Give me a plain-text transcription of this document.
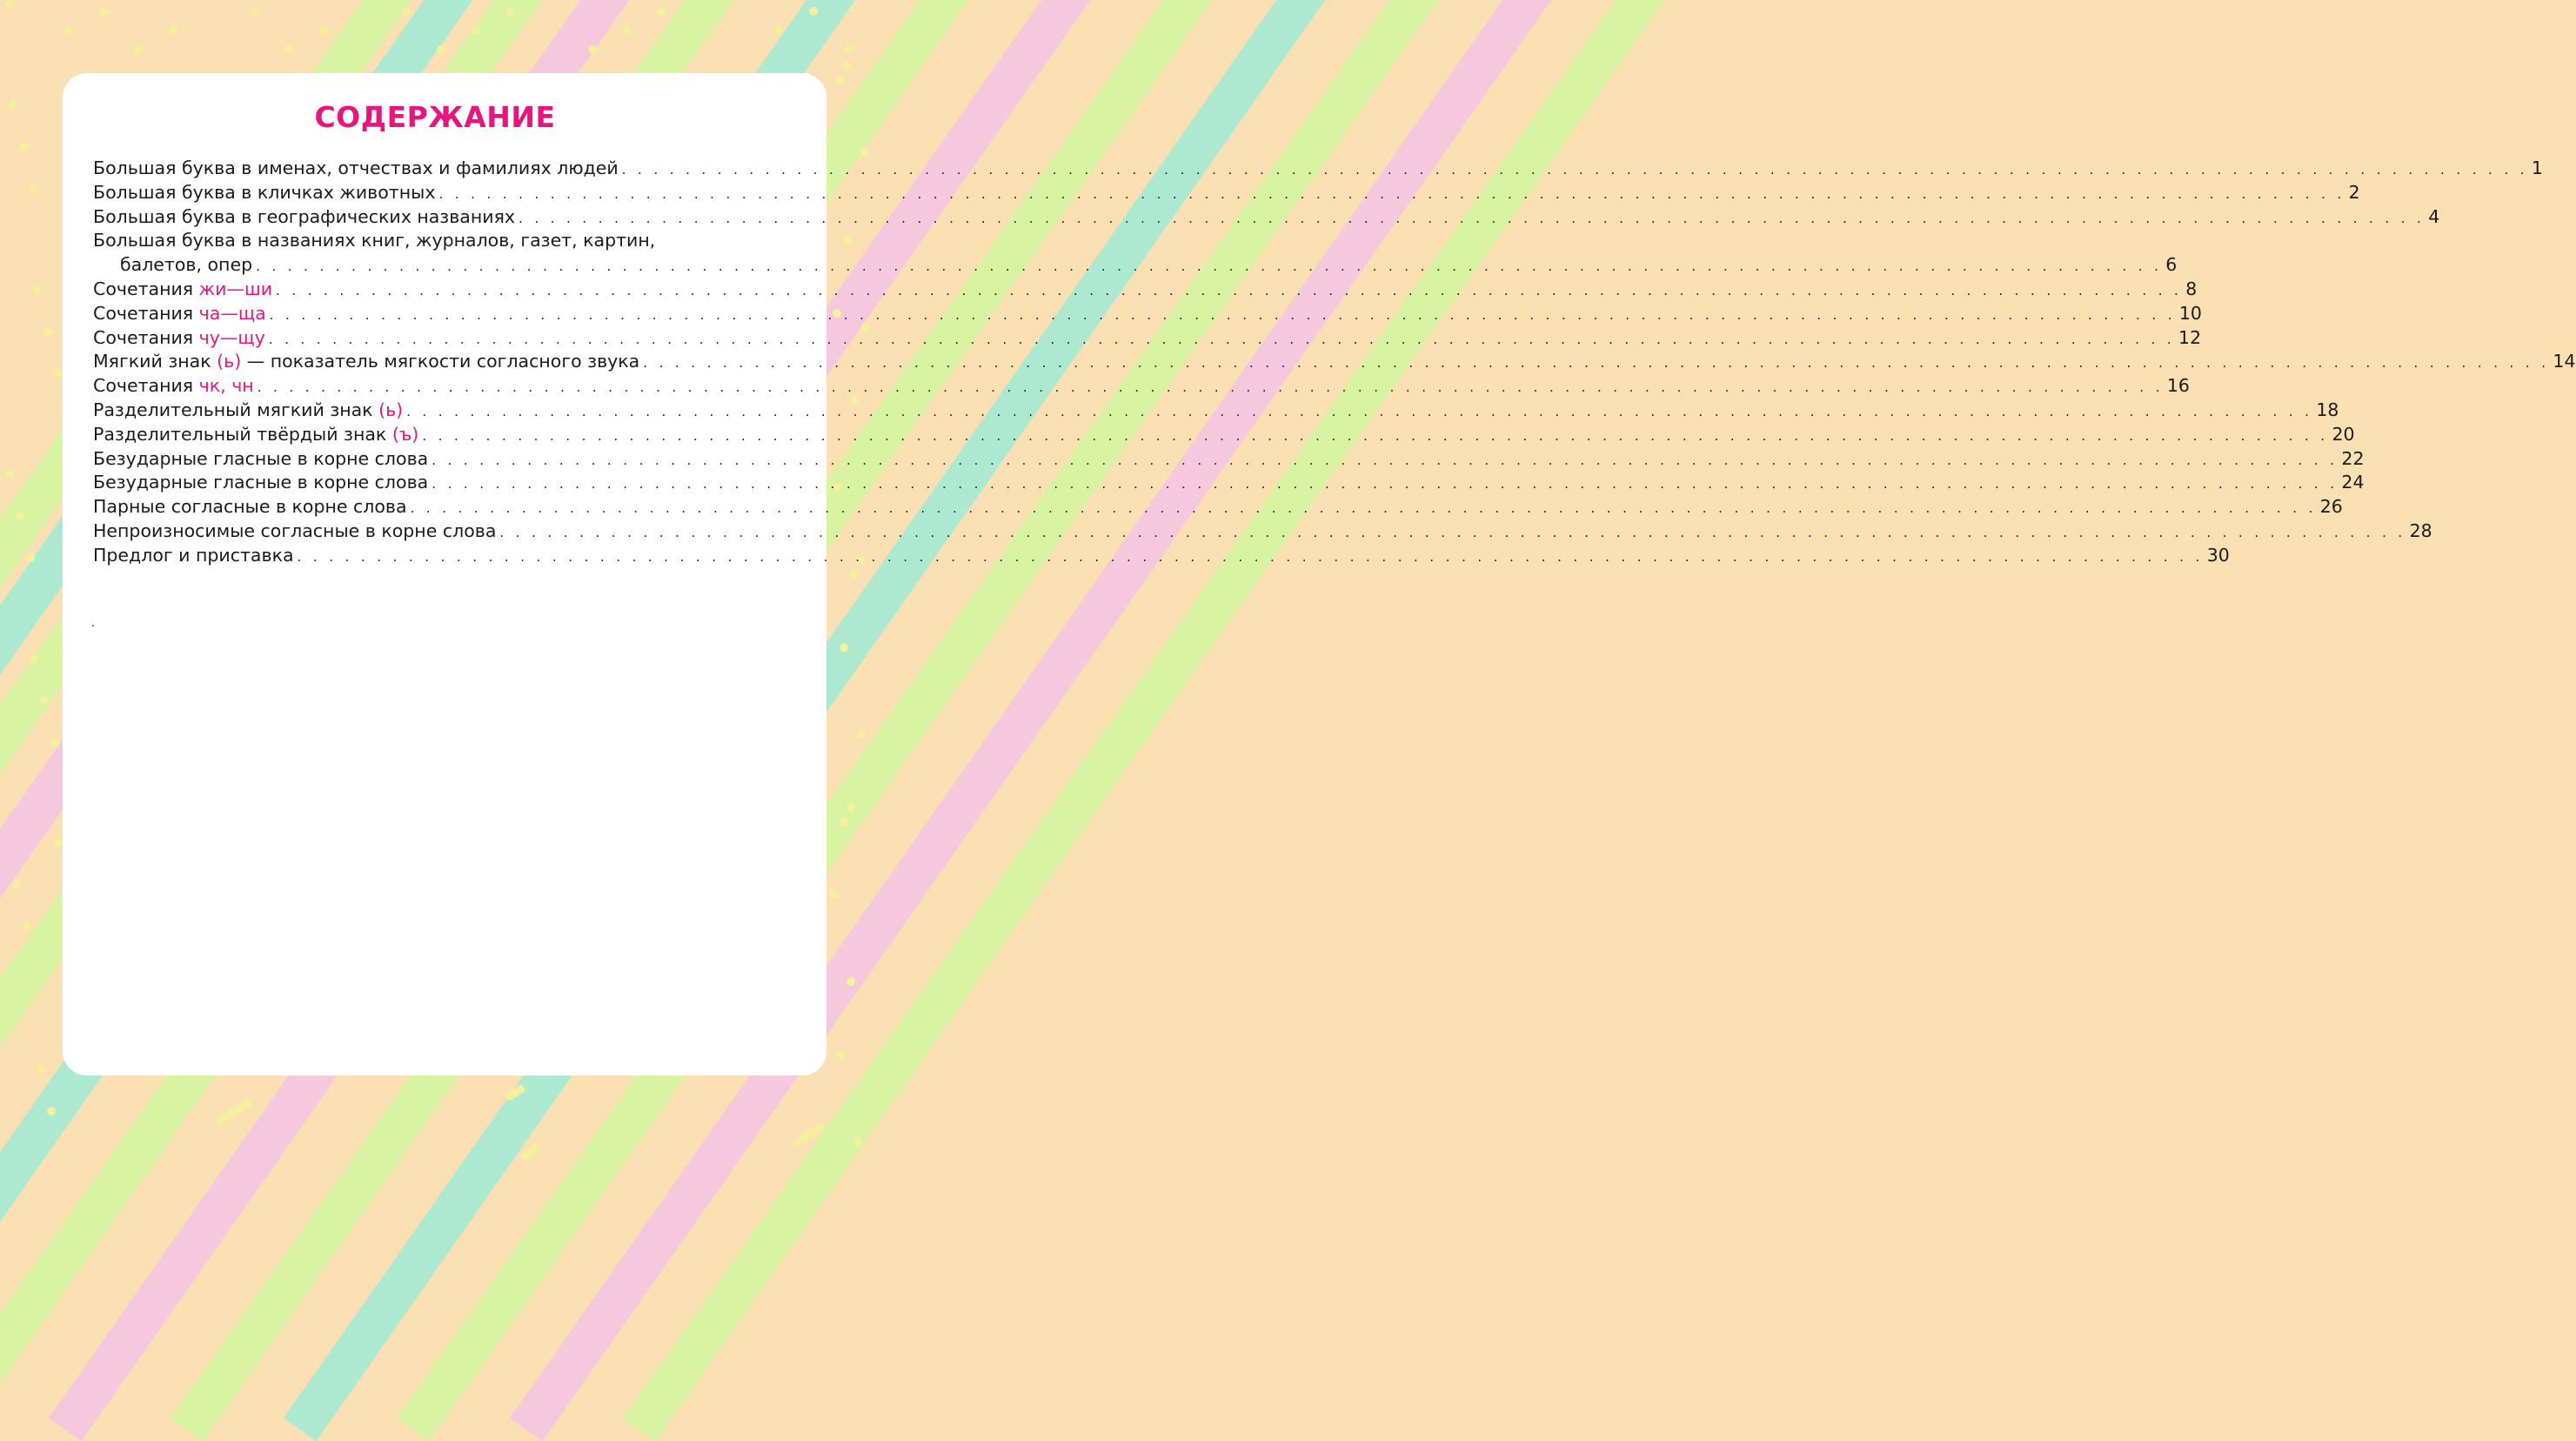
СОДЕРЖАНИЕ
Большая буква в именах, отчествах и фамилиях людей . . . . . . . . . . . . . . . . . . . . . . . . . . . . . . . . . . . . . . . . . . . . . . . . . . . . . . . . . . . . . . . . . . . . . . . . . . . . . . . . . . . . . . . . . . . . . . . . . . . . . . . . . . . . . . . . . . . . . . . . 1
Большая буква в кличках животных . . . . . . . . . . . . . . . . . . . . . . . . . . . . . . . . . . . . . . . . . . . . . . . . . . . . . . . . . . . . . . . . . . . . . . . . . . . . . . . . . . . . . . . . . . . . . . . . . . . . . . . . . . . . . . . . . . . . . . . . 2
Большая буква в географических названиях . . . . . . . . . . . . . . . . . . . . . . . . . . . . . . . . . . . . . . . . . . . . . . . . . . . . . . . . . . . . . . . . . . . . . . . . . . . . . . . . . . . . . . . . . . . . . . . . . . . . . . . . . . . . . . . . . . . . . . . . 4
Большая буква в названиях книг, журналов, газет, картин,
балетов, опер . . . . . . . . . . . . . . . . . . . . . . . . . . . . . . . . . . . . . . . . . . . . . . . . . . . . . . . . . . . . . . . . . . . . . . . . . . . . . . . . . . . . . . . . . . . . . . . . . . . . . . . . . . . . . . . . . . . . . . . . 6
Сочетания жи—ши . . . . . . . . . . . . . . . . . . . . . . . . . . . . . . . . . . . . . . . . . . . . . . . . . . . . . . . . . . . . . . . . . . . . . . . . . . . . . . . . . . . . . . . . . . . . . . . . . . . . . . . . . . . . . . . . . . . . . . . . 8
Сочетания ча—ща . . . . . . . . . . . . . . . . . . . . . . . . . . . . . . . . . . . . . . . . . . . . . . . . . . . . . . . . . . . . . . . . . . . . . . . . . . . . . . . . . . . . . . . . . . . . . . . . . . . . . . . . . . . . . . . . . . . . . . . . 10
Сочетания чу—щу . . . . . . . . . . . . . . . . . . . . . . . . . . . . . . . . . . . . . . . . . . . . . . . . . . . . . . . . . . . . . . . . . . . . . . . . . . . . . . . . . . . . . . . . . . . . . . . . . . . . . . . . . . . . . . . . . . . . . . . . 12
Мягкий знак (ь) — показатель мягкости согласного звука . . . . . . . . . . . . . . . . . . . . . . . . . . . . . . . . . . . . . . . . . . . . . . . . . . . . . . . . . . . . . . . . . . . . . . . . . . . . . . . . . . . . . . . . . . . . . . . . . . . . . . . . . . . . . . . . . . . . . . . . 14
Сочетания чк, чн . . . . . . . . . . . . . . . . . . . . . . . . . . . . . . . . . . . . . . . . . . . . . . . . . . . . . . . . . . . . . . . . . . . . . . . . . . . . . . . . . . . . . . . . . . . . . . . . . . . . . . . . . . . . . . . . . . . . . . . . 16
Разделительный мягкий знак (ь) . . . . . . . . . . . . . . . . . . . . . . . . . . . . . . . . . . . . . . . . . . . . . . . . . . . . . . . . . . . . . . . . . . . . . . . . . . . . . . . . . . . . . . . . . . . . . . . . . . . . . . . . . . . . . . . . . . . . . . . . 18
Разделительный твёрдый знак (ъ) . . . . . . . . . . . . . . . . . . . . . . . . . . . . . . . . . . . . . . . . . . . . . . . . . . . . . . . . . . . . . . . . . . . . . . . . . . . . . . . . . . . . . . . . . . . . . . . . . . . . . . . . . . . . . . . . . . . . . . . . 20
Безударные гласные в корне слова . . . . . . . . . . . . . . . . . . . . . . . . . . . . . . . . . . . . . . . . . . . . . . . . . . . . . . . . . . . . . . . . . . . . . . . . . . . . . . . . . . . . . . . . . . . . . . . . . . . . . . . . . . . . . . . . . . . . . . . . 22
Безударные гласные в корне слова . . . . . . . . . . . . . . . . . . . . . . . . . . . . . . . . . . . . . . . . . . . . . . . . . . . . . . . . . . . . . . . . . . . . . . . . . . . . . . . . . . . . . . . . . . . . . . . . . . . . . . . . . . . . . . . . . . . . . . . . 24
Парные согласные в корне слова . . . . . . . . . . . . . . . . . . . . . . . . . . . . . . . . . . . . . . . . . . . . . . . . . . . . . . . . . . . . . . . . . . . . . . . . . . . . . . . . . . . . . . . . . . . . . . . . . . . . . . . . . . . . . . . . . . . . . . . . 26
Непроизносимые согласные в корне слова . . . . . . . . . . . . . . . . . . . . . . . . . . . . . . . . . . . . . . . . . . . . . . . . . . . . . . . . . . . . . . . . . . . . . . . . . . . . . . . . . . . . . . . . . . . . . . . . . . . . . . . . . . . . . . . . . . . . . . . . 28
Предлог и приставка . . . . . . . . . . . . . . . . . . . . . . . . . . . . . . . . . . . . . . . . . . . . . . . . . . . . . . . . . . . . . . . . . . . . . . . . . . . . . . . . . . . . . . . . . . . . . . . . . . . . . . . . . . . . . . . . . . . . . . . . 30
